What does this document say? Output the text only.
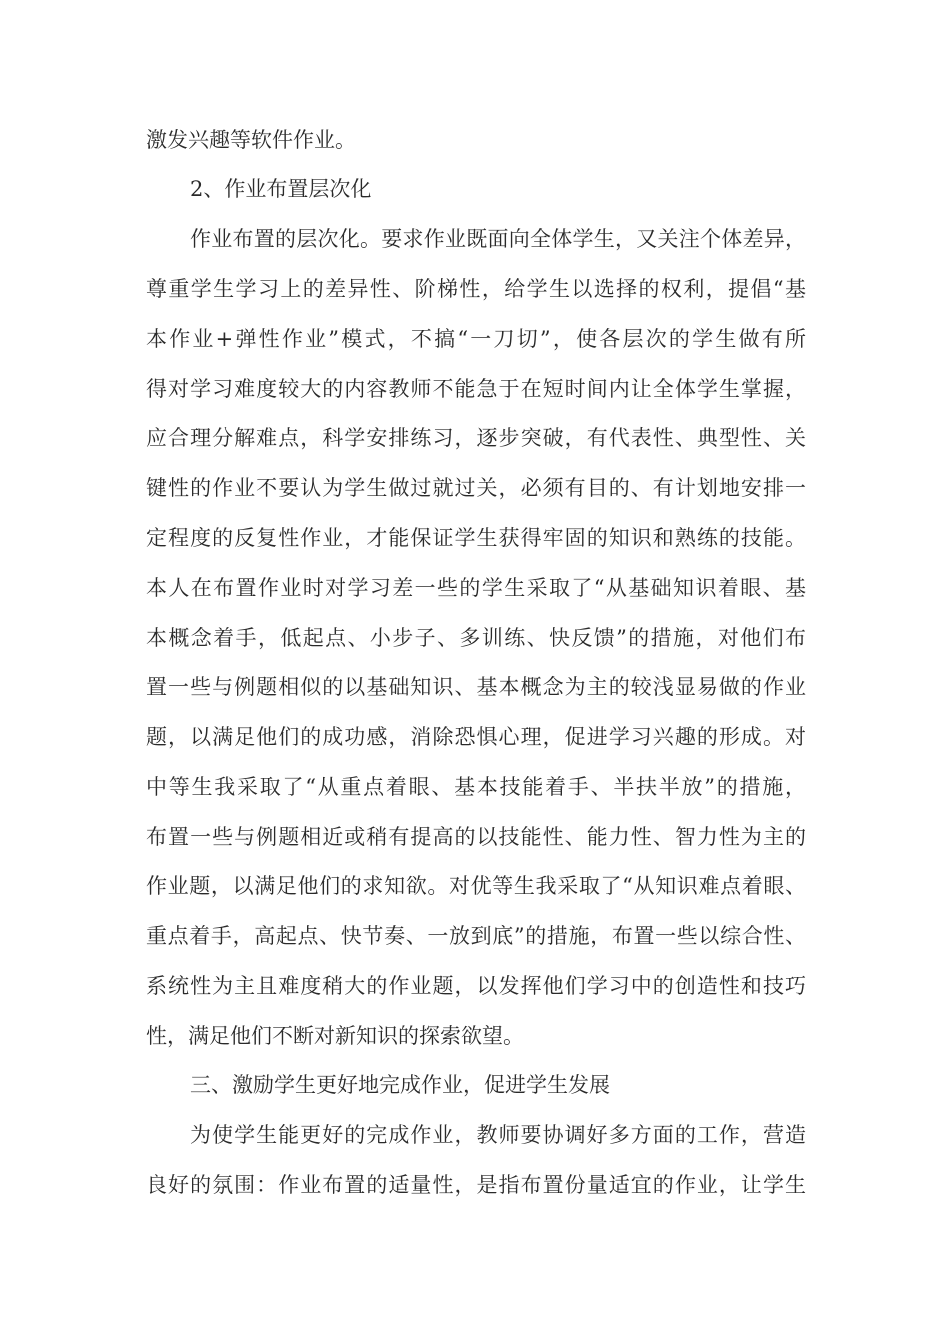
激发兴趣等软件作业。
2、作业布置层次化
作业布置的层次化。要求作业既面向全体学生，又关注个体差异，
尊重学生学习上的差异性、阶梯性，给学生以选择的权利，提倡“基
本作业+弹性作业”模式，不搞“一刀切”，使各层次的学生做有所
得对学习难度较大的内容教师不能急于在短时间内让全体学生掌握，
应合理分解难点，科学安排练习，逐步突破，有代表性、典型性、关
键性的作业不要认为学生做过就过关，必须有目的、有计划地安排一
定程度的反复性作业，才能保证学生获得牢固的知识和熟练的技能。
本人在布置作业时对学习差一些的学生采取了“从基础知识着眼、基
本概念着手，低起点、小步子、多训练、快反馈”的措施，对他们布
置一些与例题相似的以基础知识、基本概念为主的较浅显易做的作业
题，以满足他们的成功感，消除恐惧心理，促进学习兴趣的形成。对
中等生我采取了“从重点着眼、基本技能着手、半扶半放”的措施，
布置一些与例题相近或稍有提高的以技能性、能力性、智力性为主的
作业题，以满足他们的求知欲。对优等生我采取了“从知识难点着眼、
重点着手，高起点、快节奏、一放到底”的措施，布置一些以综合性、
系统性为主且难度稍大的作业题，以发挥他们学习中的创造性和技巧
性，满足他们不断对新知识的探索欲望。
三、激励学生更好地完成作业，促进学生发展
为使学生能更好的完成作业，教师要协调好多方面的工作，营造
良好的氛围：作业布置的适量性，是指布置份量适宜的作业，让学生
